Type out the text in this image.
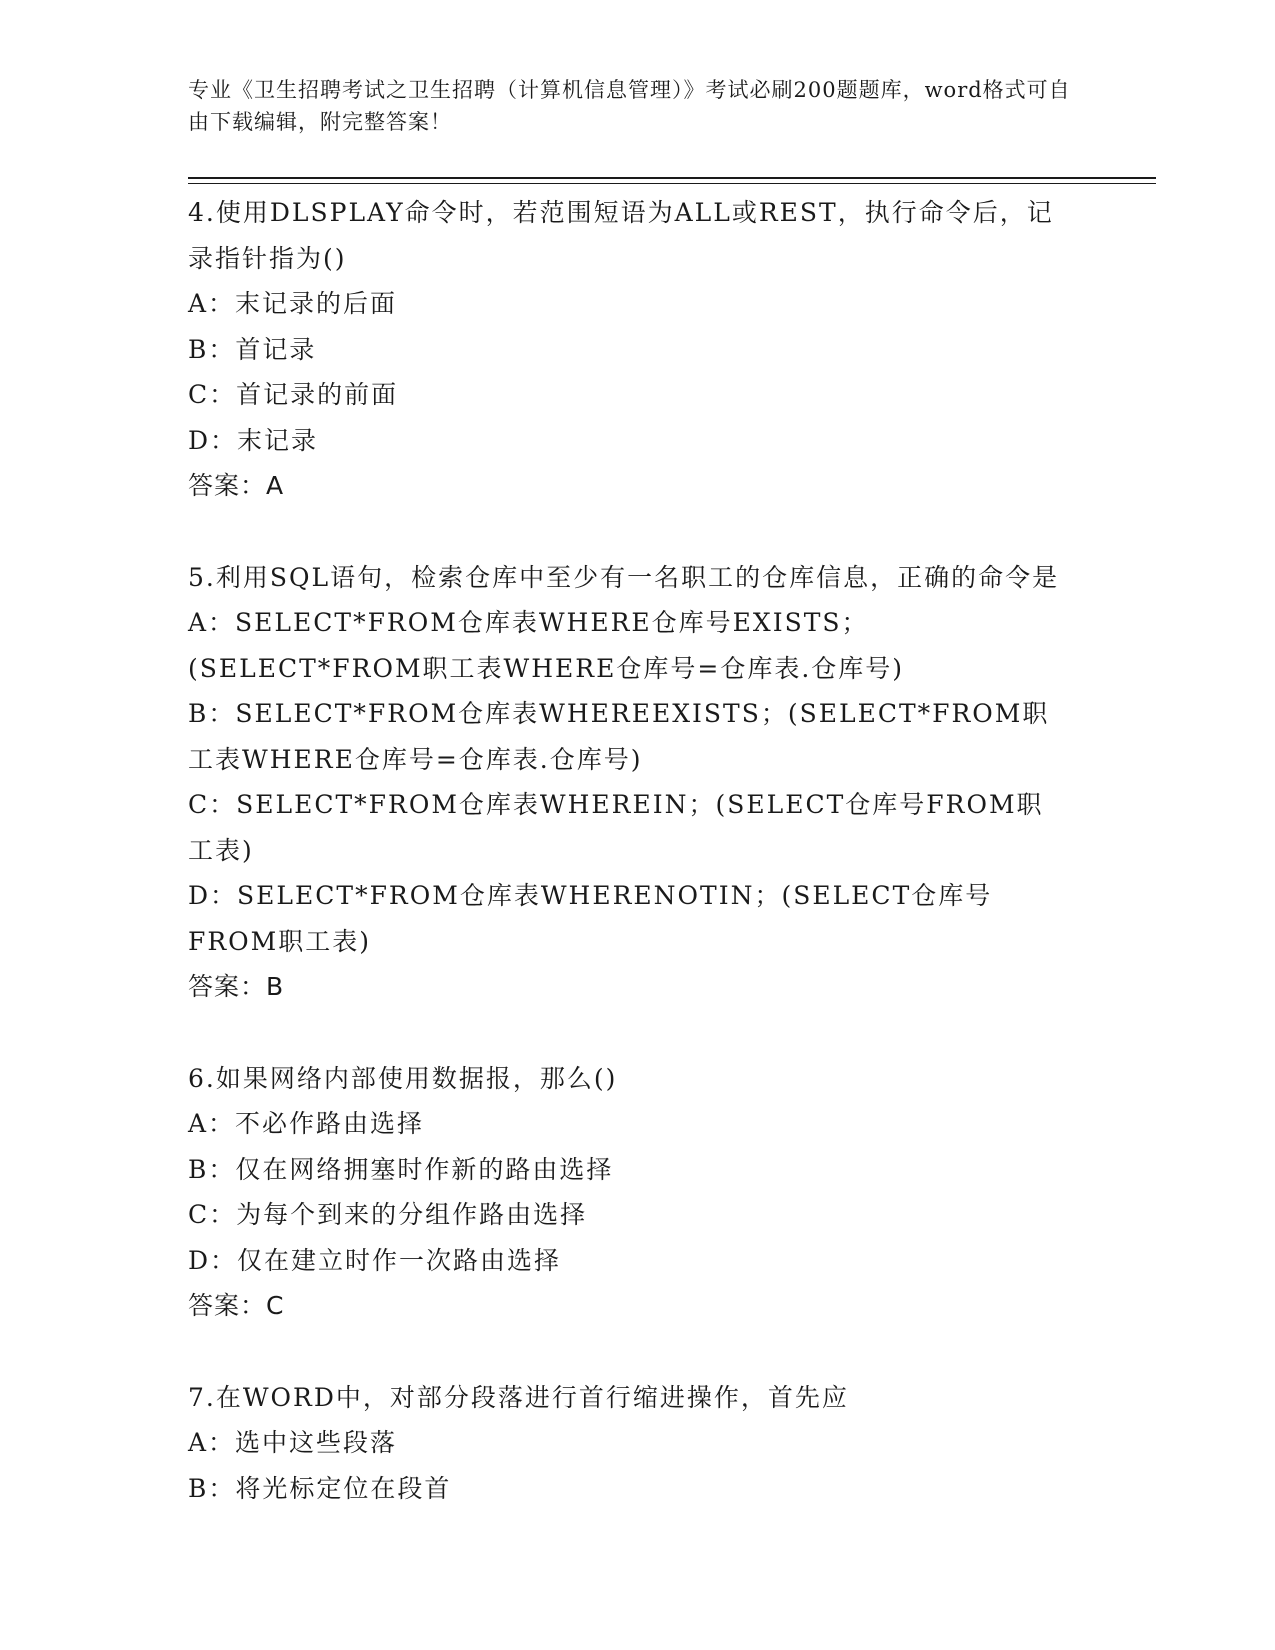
专业《卫生招聘考试之卫生招聘（计算机信息管理）》考试必刷200题题库，word格式可自由下载编辑，附完整答案！

4.使用DLSPLAY命令时，若范围短语为ALL或REST，执行命令后，记录指针指为()

A：末记录的后面

B：首记录

C：首记录的前面

D：末记录

答案：A

5.利用SQL语句，检索仓库中至少有一名职工的仓库信息，正确的命令是

A：SELECT*FROM仓库表WHERE仓库号EXISTS；(SELECT*FROM职工表WHERE仓库号=仓库表.仓库号)

B：SELECT*FROM仓库表WHEREEXISTS；(SELECT*FROM职工表WHERE仓库号=仓库表.仓库号)

C：SELECT*FROM仓库表WHEREIN；(SELECT仓库号FROM职工表)

D：SELECT*FROM仓库表WHERENOTIN；(SELECT仓库号FROM职工表)

答案：B

6.如果网络内部使用数据报，那么()

A：不必作路由选择

B：仅在网络拥塞时作新的路由选择

C：为每个到来的分组作路由选择

D：仅在建立时作一次路由选择

答案：C

7.在WORD中，对部分段落进行首行缩进操作，首先应

A：选中这些段落

B：将光标定位在段首
